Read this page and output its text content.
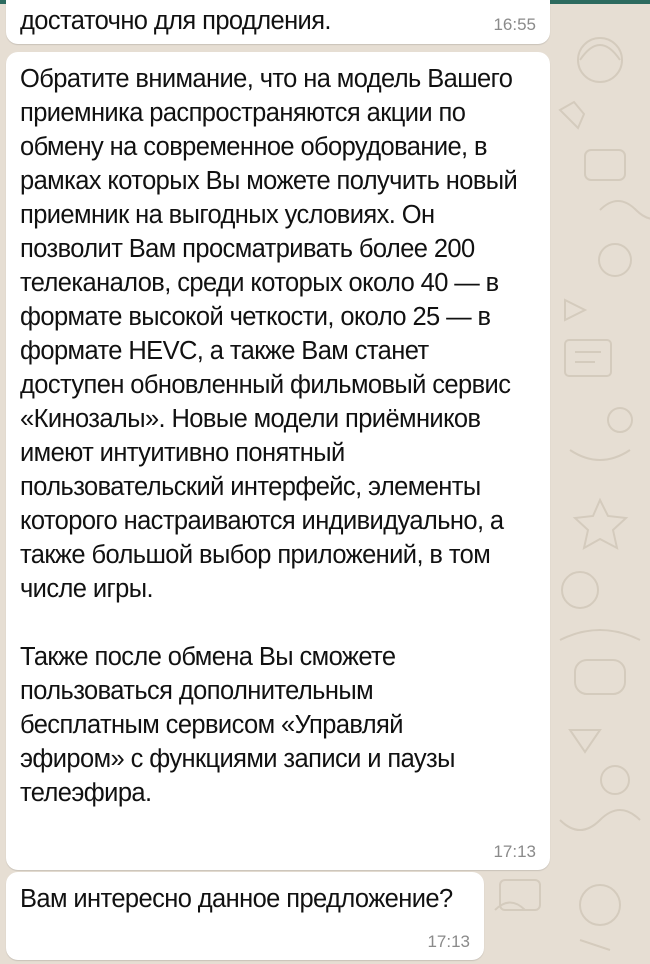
достаточно для продления.	16:55
Обратите внимание, что на модель Вашего приемника распространяются акции по обмену на современное оборудование, в рамках которых Вы можете получить новый приемник на выгодных условиях. Он позволит Вам просматривать более 200 телеканалов, среди которых около 40 — в формате высокой четкости, около 25 — в формате HEVC, а также Вам станет доступен обновленный фильмовый сервис «Кинозалы». Новые модели приёмников имеют интуитивно понятный пользовательский интерфейс, элементы которого настраиваются индивидуально, а также большой выбор приложений, в том числе игры.
Также после обмена Вы сможете пользоваться дополнительным бесплатным сервисом «Управляй эфиром» с функциями записи и паузы телеэфира.
17:13
Вам интересно данное предложение?
17:13
